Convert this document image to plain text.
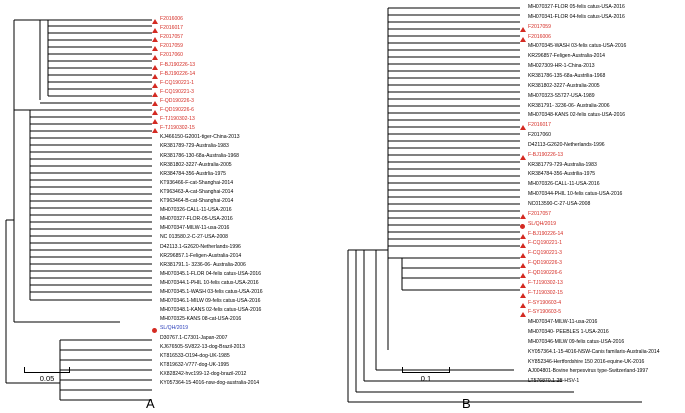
F2016006
F2016017
F2017057
F2017059
F2017060
F-BJ190226-13
F-BJ190226-14
F-CQ190221-1
F-CQ190221-3
F-QD190226-3
F-QD190226-6
F-TJ190302-13
F-TJ190302-15
KJ466150-G2001-tiger-China-2013
KR381789-729-Australia-1983
KR381786-130-68a-Australia-1968
KR381802-3227-Australia-2005
KR384784-356-Austrlia-1975
KT936466-F-cat-Shanghai-2014
KT963463-A-cat-Shanghai-2014
KT963464-B-cat-Shanghai-2014
MH070326-CALL-11-USA-2016
MH070327-FLOR-05-USA-2016
MH070347-MILW-11-usa-2016
NC 013580.2-C-27-USA-2008
D42113.1-G2620-Netherlands-1996
KR296857.1-Feligen-Australia-2014
KR381791.1- 3236-06- Australia-2006
MH070345.1-FLOR 04-felis catus-USA-2016
MH070344.1-PHIL 10-felis catus-USA-2016
MH070345.1-WASH 03-felis catus-USA-2016
MH070346.1-MILW 09-felis catus-USA-2016
MH070348.1-KANS 02-felis catus-USA-2016
MH070325-KANS 08-cat-USA-2016
SL/QH/2019
D30767.1-C7301-Japan-2007
KJ676505-SV822-13-dog-Brazil-2013
KT816533-O194-dog-UK-1985
KT819632-V777-dog-UK-1995
KX828242-hvc199-12-dog-brazil-2012
KY057364-15-4016-nsw-dog-australia-2014
0.05
A
MH070327-FLOR 05-felis catus-USA-2016
MH070341-FLOR 04-felis catus-USA-2016
F2017059
F2016006
MH070345-WASH 03-felis catus-USA-2016
KR296857-Feligen-Australia-2014
MH027309-HR-1-China-2013
KR381786-135-68a-Austrilia-1968
KR381802-3227-Australia-2005
MH070323-S5727-USA-1989
KR381791- 3236-06- Australia-2006
MH070348-KANS 02-felis catus-USA-2016
F2016017
F2017060
D42113-G2620-Netherlands-1996
F-BJ190226-13
KR381779-729-Australia-1983
KR384784-356-Austrilia-1975
MH070326-CALL-11-USA-2016
MH070344-PHIL 10-felis catus-USA-2016
NC013590-C-27-USA-2008
F2017057
SL/QH/2019
F-BJ190226-14
F-CQ190221-1
F-CQ190221-3
F-QD190226-3
F-QD190226-6
F-TJ190302-13
F-TJ190302-15
F-SY190603-4
F-SY190603-5
MH070347-MILW-11-usa-2016
MH070340- PEEBLES 1-USA-2016
MH070346-MILW 09-felis catus-USA-2016
KY057364.1-15-4016-NSW-Canis familaris-Australia-2014
KY852346-Hertfordshire 150 2016-equine-UK-2016
AJ004801-Bovine herpesvirus type-Switzerland-1997
LT576870.1-2B-HSV-1
0.1
B
